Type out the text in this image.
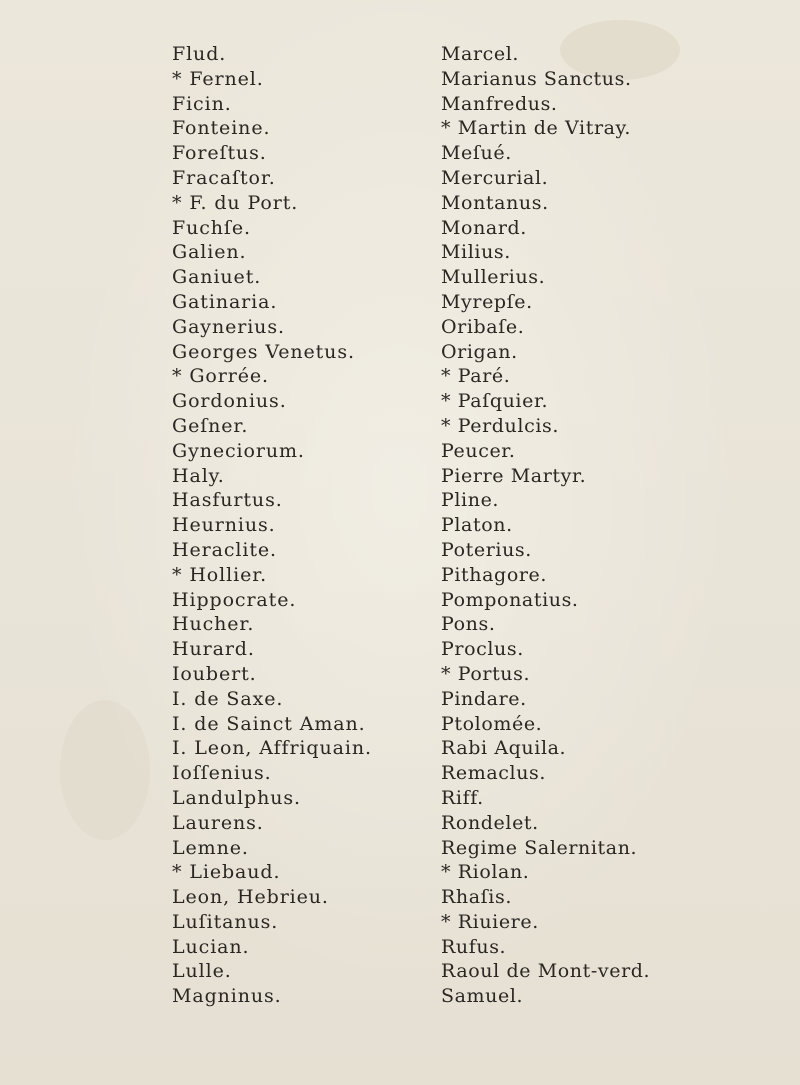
Flud.
* Fernel.
Ficin.
Fonteine.
Foreſtus.
Fracaſtor.
* F. du Port.
Fuchſe.
Galien.
Ganiuet.
Gatinaria.
Gaynerius.
Georges Venetus.
* Gorrée.
Gordonius.
Geſner.
Gyneciorum.
Haly.
Hasfurtus.
Heurnius.
Heraclite.
* Hollier.
Hippocrate.
Hucher.
Hurard.
Ioubert.
I. de Saxe.
I. de Sainct Aman.
I. Leon, Affriquain.
Ioſſenius.
Landulphus.
Laurens.
Lemne.
* Liebaud.
Leon, Hebrieu.
Luſitanus.
Lucian.
Lulle.
Magninus.
Marcel.
Marianus Sanctus.
Manfredus.
* Martin de Vitray.
Meſué.
Mercurial.
Montanus.
Monard.
Milius.
Mullerius.
Myrepſe.
Oribaſe.
Origan.
* Paré.
* Paſquier.
* Perdulcis.
Peucer.
Pierre Martyr.
Pline.
Platon.
Poterius.
Pithagore.
Pomponatius.
Pons.
Proclus.
* Portus.
Pindare.
Ptolomée.
Rabi Aquila.
Remaclus.
Riff.
Rondelet.
Regime Salernitan.
* Riolan.
Rhaſis.
* Riuiere.
Rufus.
Raoul de Mont-verd.
Samuel.
